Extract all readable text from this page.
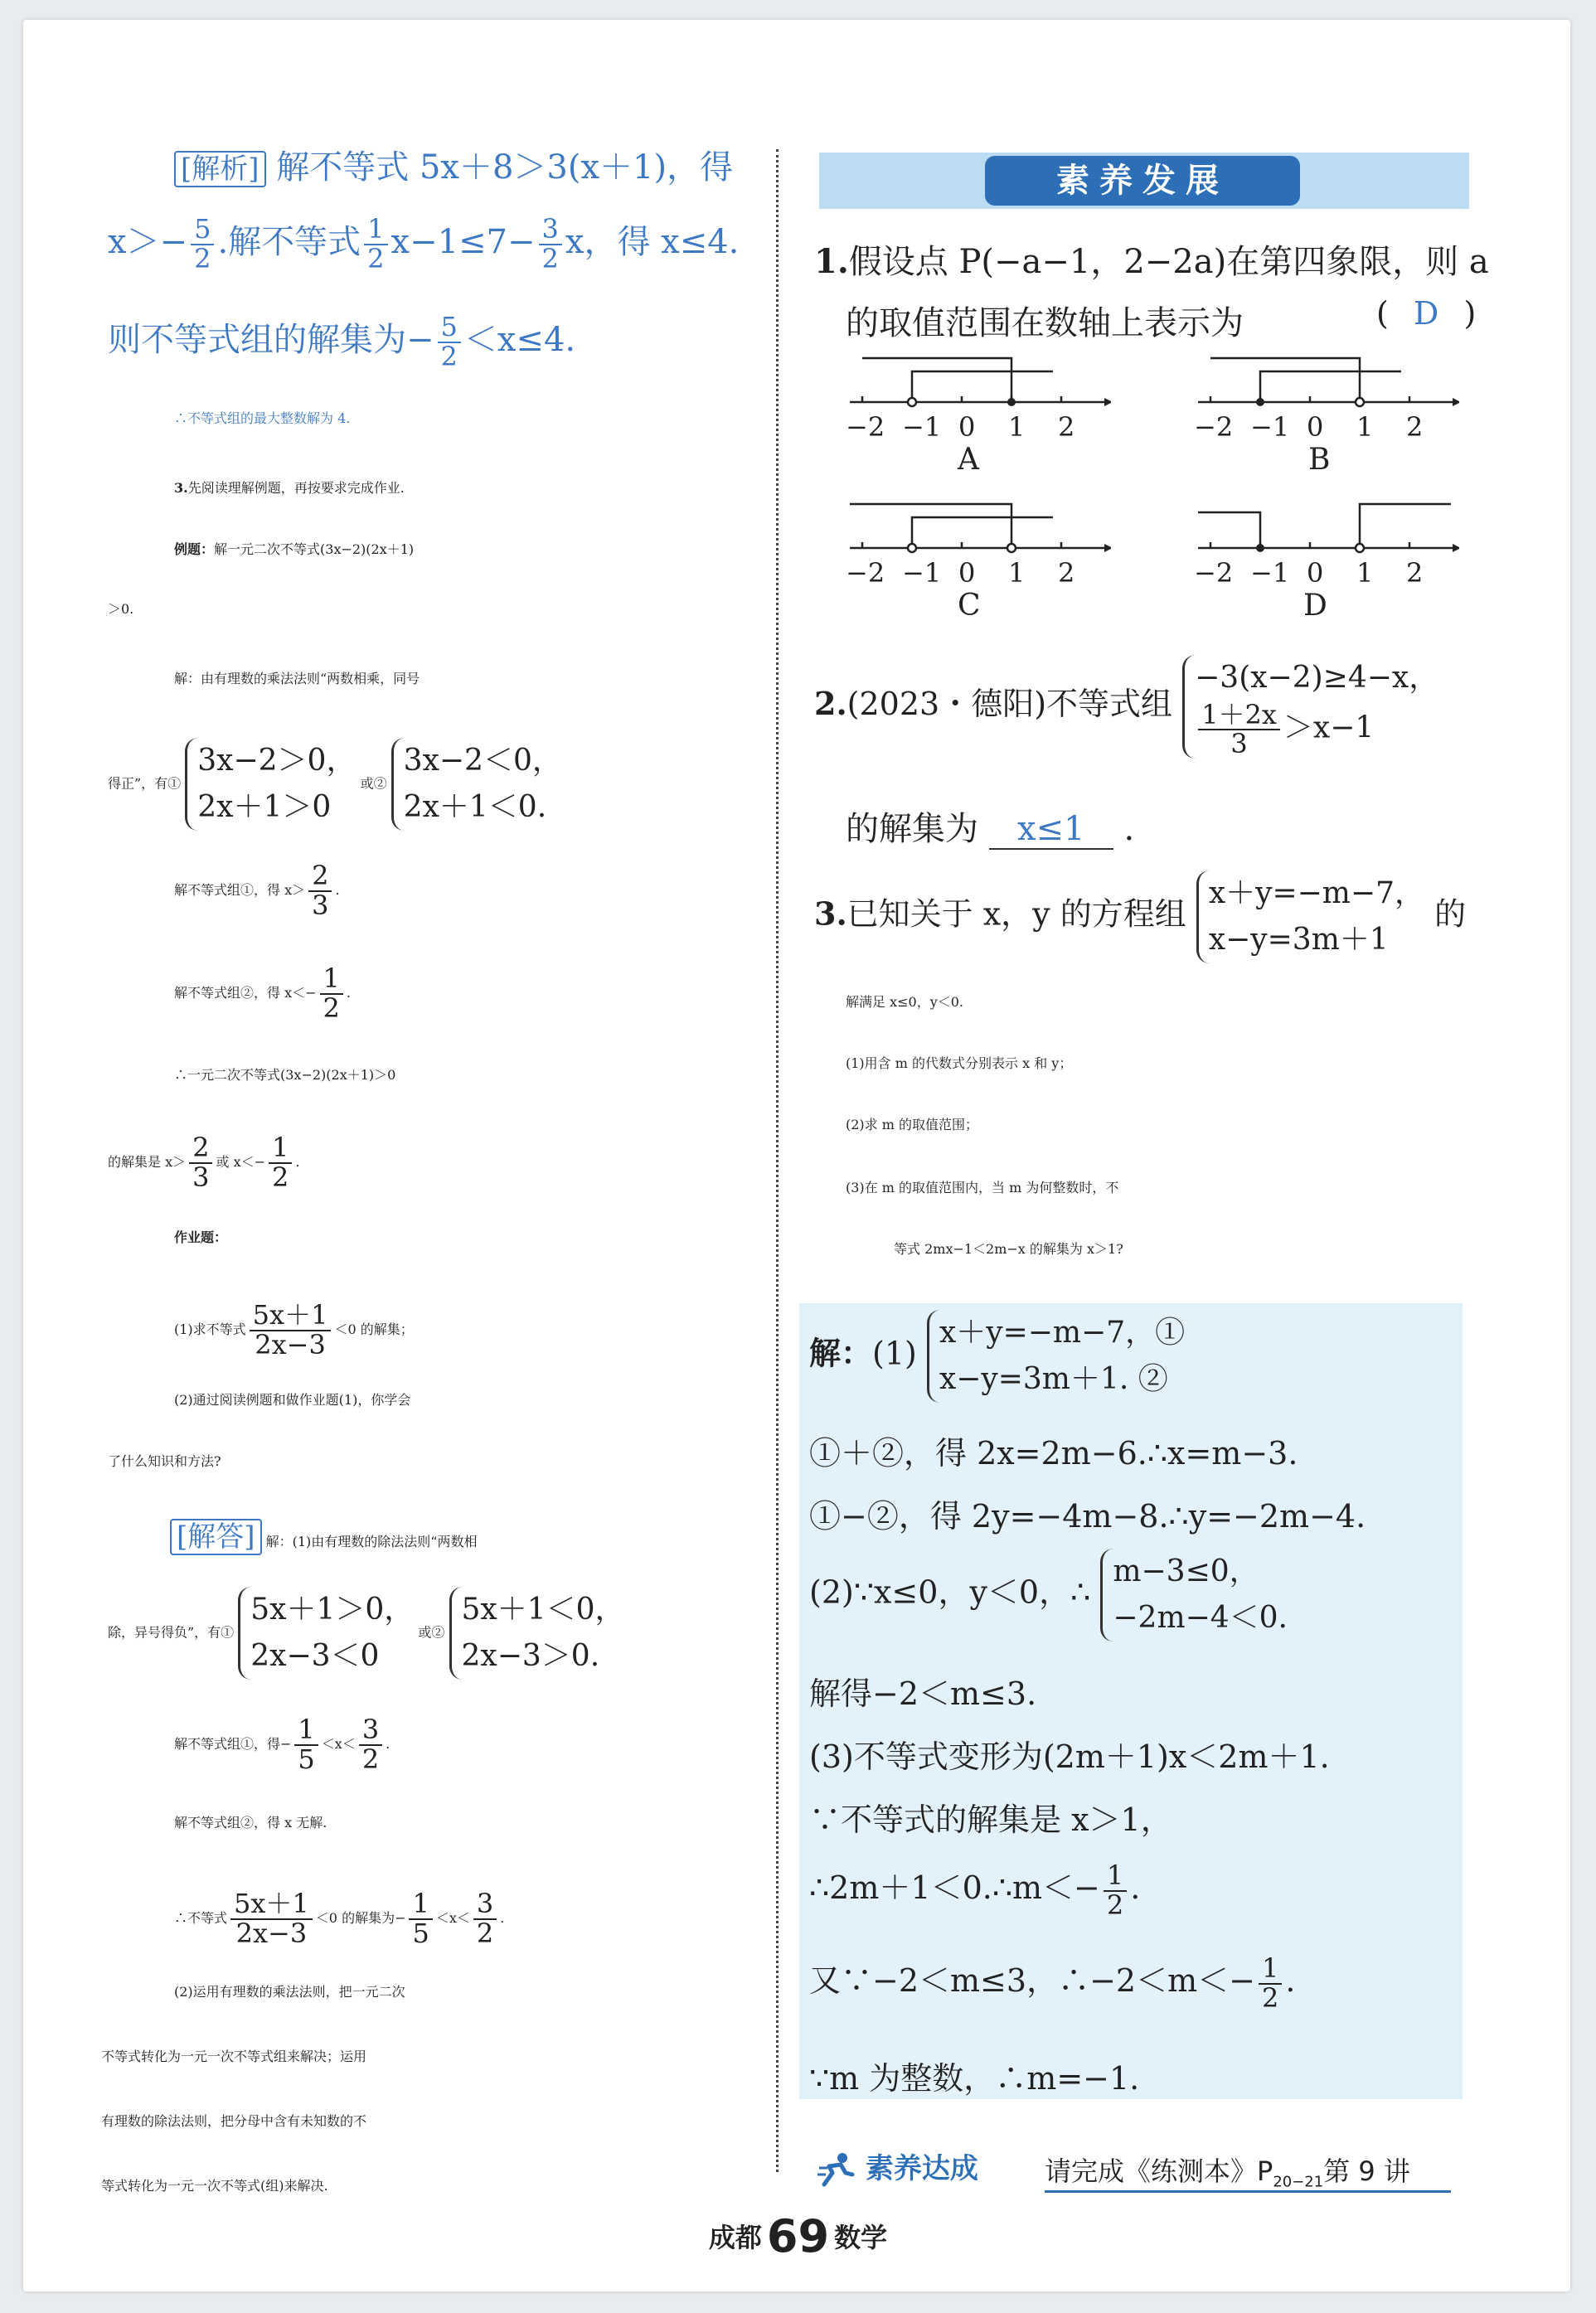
[解析] 解不等式 5x＋8＞3(x＋1)，得
$x>- \frac{5}{2}$ .解不等式 $\frac{1}{2} x-1\le 7- \frac{3}{2}$ x，得 x≤4.
则不等式组的解集为− $\frac{5}{2} <x\le 4$.
∴不等式组的最大整数解为 4.
3.先阅读理解例题，再按要求完成作业.
例题：解一元二次不等式(3x−2)(2x＋1)
＞0.
解：由有理数的乘法法则“两数相乘，同号
得正”，有①
3x−2＞0，
2x＋1＞0
或②
3x−2＜0，
2x＋1＜0.
解不等式组①，得 $x> \frac{2}{3}$ .
解不等式组②，得 $x<- \frac{1}{2}$ .
∴一元二次不等式(3x−2)(2x＋1)＞0
的解集是 $x> \frac{2}{3}$ 或 $x<- \frac{1}{2}$ .
作业题：
(1)求不等式 $\frac{5x+1}{2x-3} <0$ 的解集；
(2)通过阅读例题和做作业题(1)，你学会
了什么知识和方法?
[解答] 解：(1)由有理数的除法法则“两数相
除，异号得负”，有①
5x＋1＞0，
2x−3＜0
或②
5x＋1＜0，
2x−3＞0.
解不等式组①，得− $\frac{1}{5} <x< \frac{3}{2}$ .
解不等式组②，得 x 无解.
∴不等式 $\frac{5x+1}{2x-3} <0$ 的解集为− $\frac{1}{5} <x< \frac{3}{2}$ .
(2)运用有理数的乘法法则，把一元二次
不等式转化为一元一次不等式组来解决；运用
有理数的除法法则，把分母中含有未知数的不
等式转化为一元一次不等式(组)来解决.
素养发展
1.假设点 P(−a−1，2−2a)在第四象限，则 a
的取值范围在数轴上表示为	( D )
−2 −1 0 1 2
A
−2 −1 0 1 2
B
−2 −1 0 1 2
C
−2 −1 0 1 2
D
2.(2023・德阳)不等式组
−3(x−2)≥4−x，
$\frac{1+2x}{3} >x-1$
的解集为 x≤1 .
3.已知关于 x，y 的方程组
x＋y=−m−7，
x−y=3m＋1
的
解满足 x≤0，y＜0.
(1)用含 m 的代数式分别表示 x 和 y；
(2)求 m 的取值范围；
(3)在 m 的取值范围内，当 m 为何整数时，不
等式 2mx−1＜2m−x 的解集为 x＞1?
解：(1)
x＋y=−m−7，①
x−y=3m＋1. ②
①＋②，得 2x=2m−6.∴x=m−3.
①−②，得 2y=−4m−8.∴y=−2m−4.
(2)∵x≤0，y＜0，∴
m−3≤0，
−2m−4＜0.
解得−2＜m≤3.
(3)不等式变形为(2m＋1)x＜2m＋1.
∵不等式的解集是 x＞1，
∴2m＋1＜0.∴m＜− $\frac{1}{2}$ .
又∵−2＜m≤3，∴−2＜m＜− $\frac{1}{2}$ .
∵m 为整数，∴m=−1.
素养达成	请完成《练测本》$P_{20-21}$第 9 讲
成都 69 数学
